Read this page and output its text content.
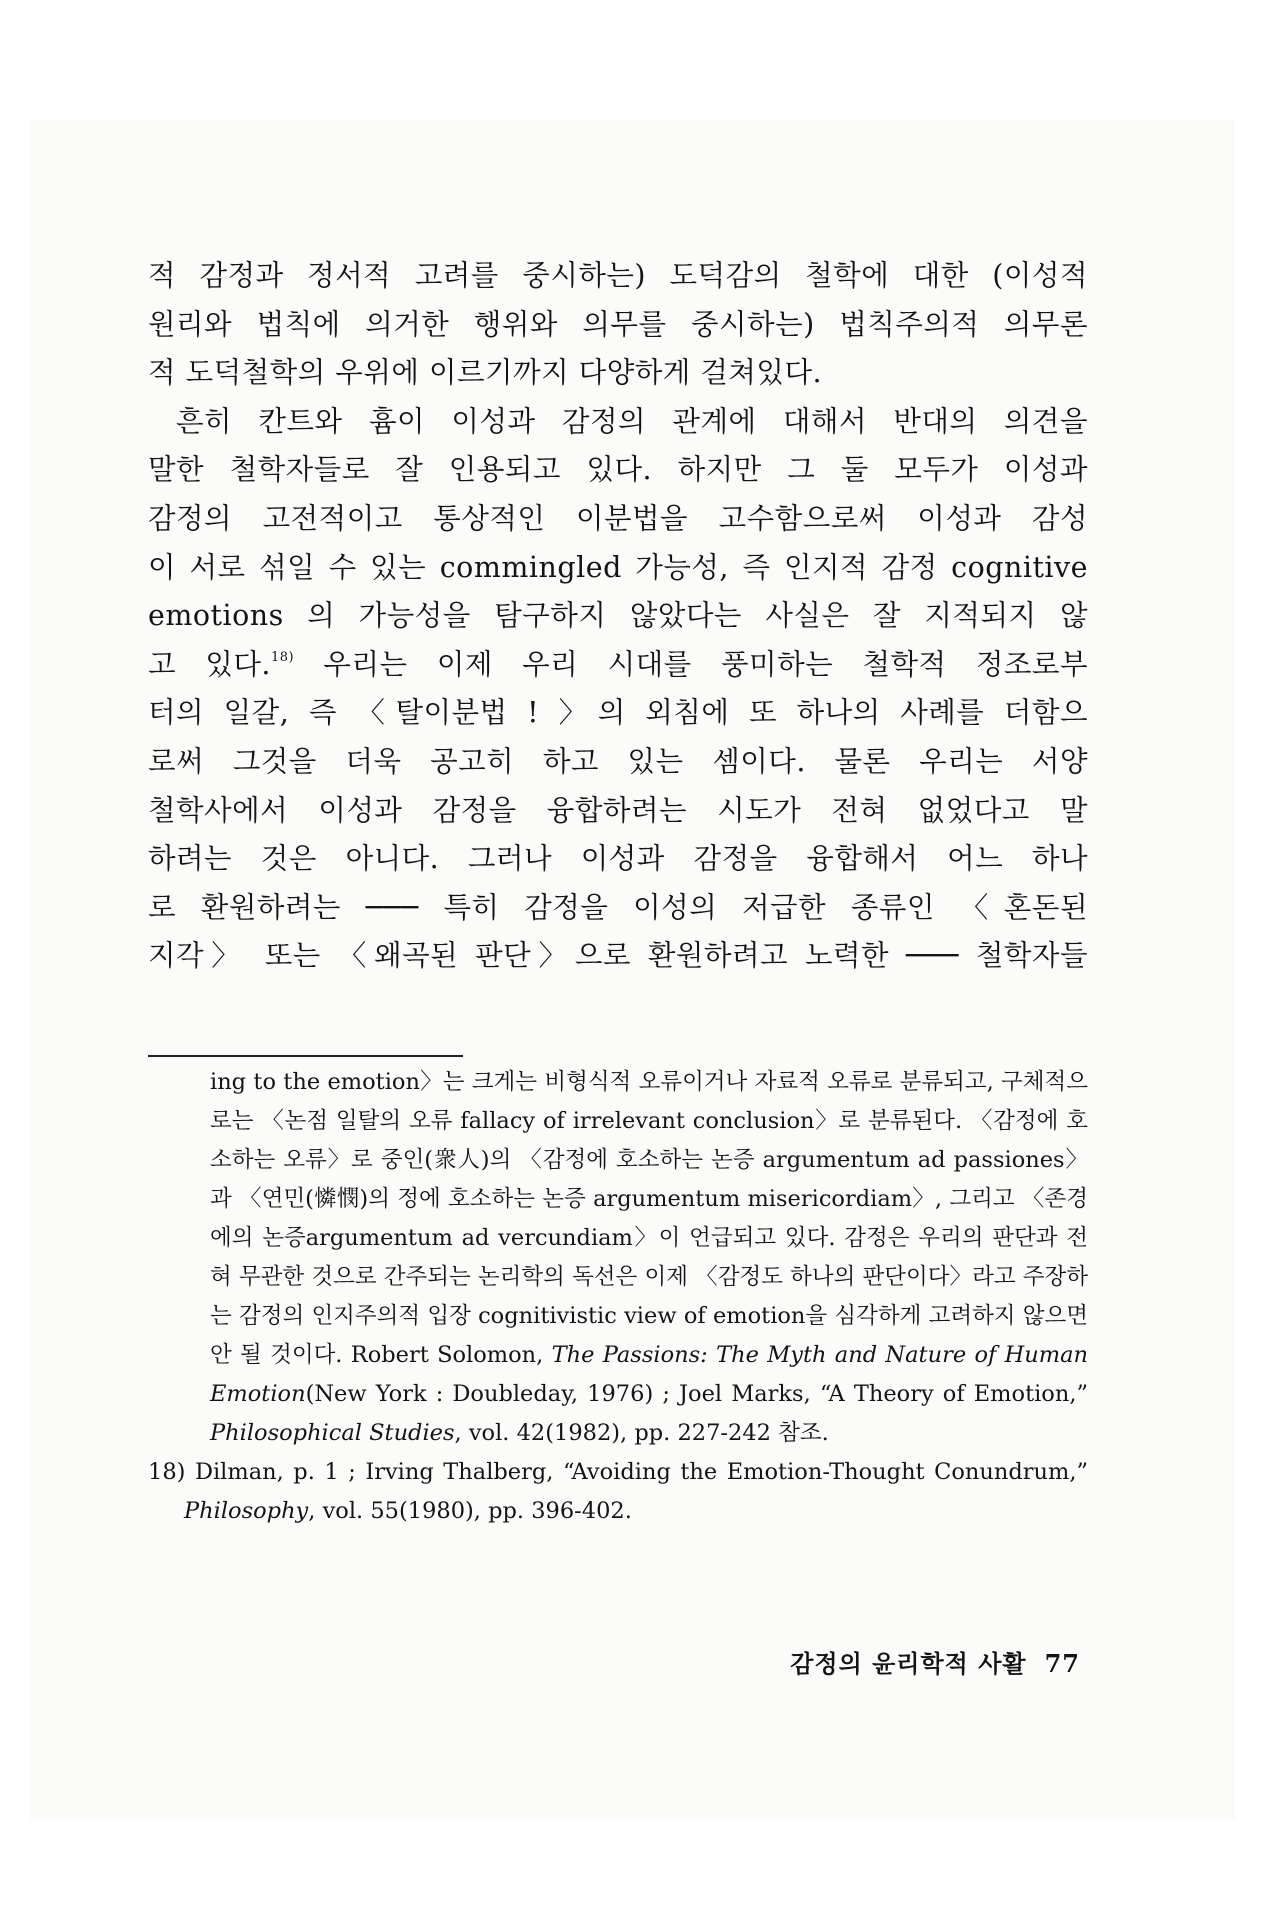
적 감정과 정서적 고려를 중시하는) 도덕감의 철학에 대한 (이성적

원리와 법칙에 의거한 행위와 의무를 중시하는) 법칙주의적 의무론

적 도덕철학의 우위에 이르기까지 다양하게 걸쳐있다.

흔히 칸트와 흄이 이성과 감정의 관계에 대해서 반대의 의견을

말한 철학자들로 잘 인용되고 있다. 하지만 그 둘 모두가 이성과

감정의 고전적이고 통상적인 이분법을 고수함으로써 이성과 감성

이 서로 섞일 수 있는 commingled 가능성, 즉 인지적 감정 cognitive

emotions 의 가능성을 탐구하지 않았다는 사실은 잘 지적되지 않

고 있다.$^{18)}$ 우리는 이제 우리 시대를 풍미하는 철학적 정조로부

터의 일갈, 즉 〈탈이분법 ! 〉의 외침에 또 하나의 사례를 더함으

로써 그것을 더욱 공고히 하고 있는 셈이다. 물론 우리는 서양

철학사에서 이성과 감정을 융합하려는 시도가 전혀 없었다고 말

하려는 것은 아니다. 그러나 이성과 감정을 융합해서 어느 하나

로 환원하려는 ─── 특히 감정을 이성의 저급한 종류인 〈혼돈된

지각〉 또는 〈왜곡된 판단〉으로 환원하려고 노력한 ─── 철학자들

ing to the emotion〉는 크게는 비형식적 오류이거나 자료적 오류로 분류되고, 구체적으로는 〈논점 일탈의 오류 fallacy of irrelevant conclusion〉로 분류된다. 〈감정에 호소하는 오류〉로 중인(衆人)의 〈감정에 호소하는 논증 argumentum ad passiones〉과 〈연민(憐憫)의 정에 호소하는 논증 argumentum misericordiam〉, 그리고 〈존경에의 논증argumentum ad vercundiam〉이 언급되고 있다. 감정은 우리의 판단과 전혀 무관한 것으로 간주되는 논리학의 독선은 이제 〈감정도 하나의 판단이다〉라고 주장하는 감정의 인지주의적 입장 cognitivistic view of emotion을 심각하게 고려하지 않으면 안 될 것이다. Robert Solomon, The Passions: The Myth and Nature of Human Emotion(New York : Doubleday, 1976) ; Joel Marks, “A Theory of Emotion,” Philosophical Studies, vol. 42(1982), pp. 227-242 참조.

18) Dilman, p. 1 ; Irving Thalberg, “Avoiding the Emotion-Thought Conundrum,” Philosophy, vol. 55(1980), pp. 396-402.

감정의 윤리학적 사활 77
